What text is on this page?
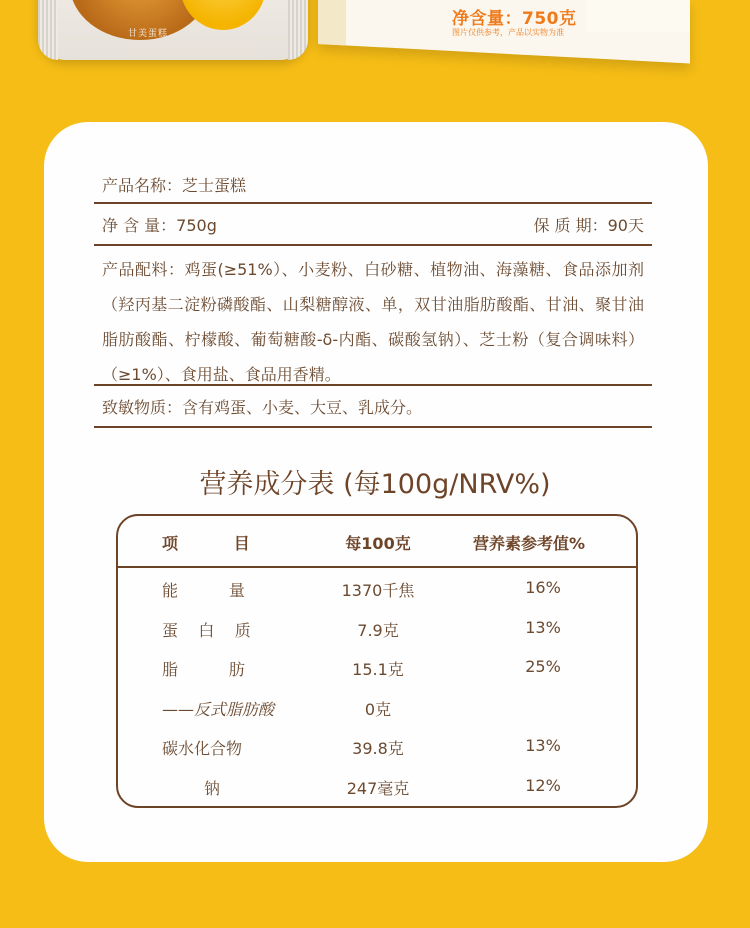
甘美蛋糕
净含量：750克
图片仅供参考，产品以实物为准
产品名称：芝士蛋糕
净 含 量：750g	保 质 期：90天

产品配料：鸡蛋(≥51%）、小麦粉、白砂糖、植物油、海藻糖、食品添加剂（羟丙基二淀粉磷酸酯、山梨糖醇液、单，双甘油脂肪酸酯、甘油、聚甘油脂肪酸酯、柠檬酸、葡萄糖酸-δ-内酯、碳酸氢钠）、芝士粉（复合调味料）（≥1%）、食用盐、食品用香精。

致敏物质：含有鸡蛋、小麦、大豆、乳成分。
营养成分表 (每100g/NRV%)
项          目	每100克	营养素参考值%
能          量	1370千焦	16%
蛋    白    质	7.9克	13%
脂          肪	15.1克	25%
——反式脂肪酸	0克
碳水化合物	39.8克	13%
钠	247毫克	12%
